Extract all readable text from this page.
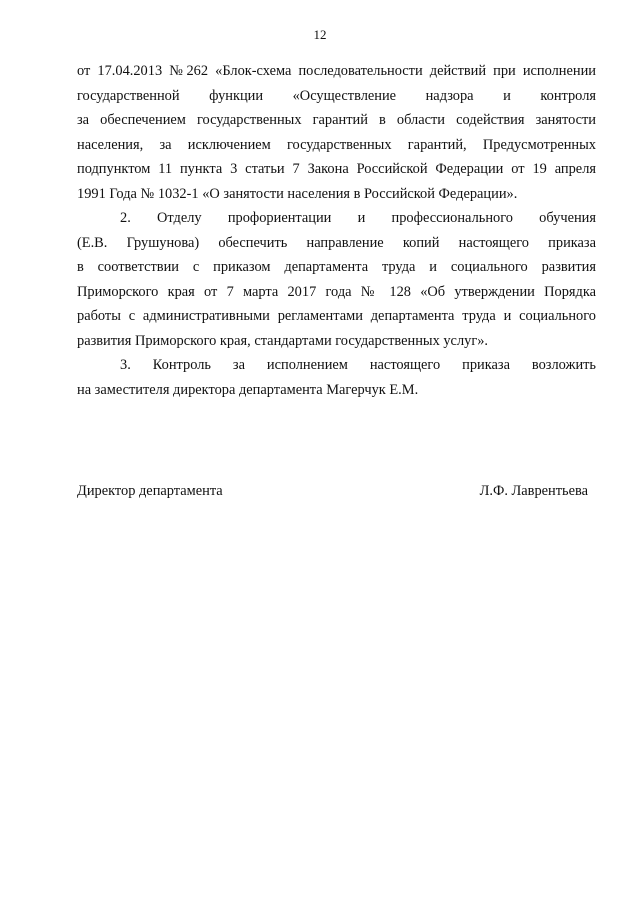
12
от 17.04.2013 №262 «Блок-схема последовательности действий при исполнении
государственной функции «Осуществление надзора и контроля
за обеспечением государственных гарантий в области содействия занятости
населения, за исключением государственных гарантий, Предусмотренных
подпунктом 11 пункта 3 статьи 7 Закона Российской Федерации от 19 апреля
1991 Года № 1032-1 «О занятости населения в Российской Федерации».
2. Отделу профориентации и профессионального обучения
(Е.В. Грушунова) обеспечить направление копий настоящего приказа
в соответствии с приказом департамента труда и социального развития
Приморского края от 7 марта 2017 года № 128 «Об утверждении Порядка
работы с административными регламентами департамента труда и социального
развития Приморского края, стандартами государственных услуг».
3. Контроль за исполнением настоящего приказа возложить
на заместителя директора департамента Магерчук Е.М.
Директор департамента	Л.Ф. Лаврентьева
